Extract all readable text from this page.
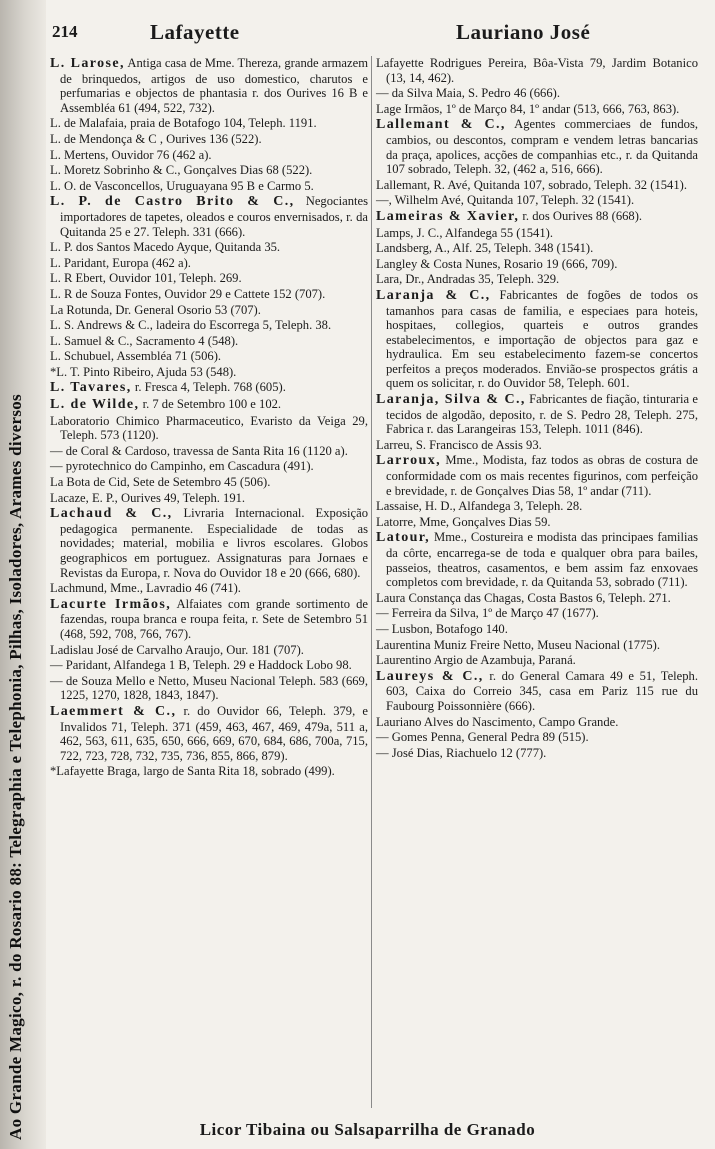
Ao Grande Magico, r. do Rosario 88: Telegraphia e Telephonia, Pilhas, Isoladores, Arames diversos
214	Lafayette	Lauriano José

L. Larose, Antiga casa de Mme. Thereza, grande armazem de brinquedos, artigos de uso domestico, charutos e perfumarias e objectos de phantasia r. dos Ourives 16 B e Assembléa 61 (494, 522, 732).

L. de Malafaia, praia de Botafogo 104, Teleph. 1191.

L. de Mendonça & C , Ourives 136 (522).

L. Mertens, Ouvidor 76 (462 a).

L. Moretz Sobrinho & C., Gonçalves Dias 68 (522).

L. O. de Vasconcellos, Uruguayana 95 B e Carmo 5.

L. P. de Castro Brito & C., Negociantes importadores de tapetes, oleados e couros envernisados, r. da Quitanda 25 e 27. Teleph. 331 (666).

L. P. dos Santos Macedo Ayque, Quitanda 35.

L. Paridant, Europa (462 a).

L. R Ebert, Ouvidor 101, Teleph. 269.

L. R de Souza Fontes, Ouvidor 29 e Cattete 152 (707).

La Rotunda, Dr. General Osorio 53 (707).

L. S. Andrews & C., ladeira do Escorrega 5, Teleph. 38.

L. Samuel & C., Sacramento 4 (548).

L. Schubuel, Assembléa 71 (506).

*L. T. Pinto Ribeiro, Ajuda 53 (548).

L. Tavares, r. Fresca 4, Teleph. 768 (605).

L. de Wilde, r. 7 de Setembro 100 e 102.

Laboratorio Chimico Pharmaceutico, Evaristo da Veiga 29, Teleph. 573 (1120).

— de Coral & Cardoso, travessa de Santa Rita 16 (1120 a).

— pyrotechnico do Campinho, em Cascadura (491).

La Bota de Cid, Sete de Setembro 45 (506).

Lacaze, E. P., Ourives 49, Teleph. 191.

Lachaud & C., Livraria Internacional. Exposição pedagogica permanente. Especialidade de todas as novidades; material, mobilia e livros escolares. Globos geographicos em portuguez. Assignaturas para Jornaes e Revistas da Europa, r. Nova do Ouvidor 18 e 20 (666, 680).

Lachmund, Mme., Lavradio 46 (741).

Lacurte Irmãos, Alfaiates com grande sortimento de fazendas, roupa branca e roupa feita, r. Sete de Setembro 51 (468, 592, 708, 766, 767).

Ladislau José de Carvalho Araujo, Our. 181 (707).

— Paridant, Alfandega 1 B, Teleph. 29 e Haddock Lobo 98.

— de Souza Mello e Netto, Museu Nacional Teleph. 583 (669, 1225, 1270, 1828, 1843, 1847).

Laemmert & C., r. do Ouvidor 66, Teleph. 379, e Invalidos 71, Teleph. 371 (459, 463, 467, 469, 479a, 511 a, 462, 563, 611, 635, 650, 666, 669, 670, 684, 686, 700a, 715, 722, 723, 728, 732, 735, 736, 855, 866, 879).

*Lafayette Braga, largo de Santa Rita 18, sobrado (499).

Lafayette Rodrigues Pereira, Bôa-Vista 79, Jardim Botanico (13, 14, 462).

— da Silva Maia, S. Pedro 46 (666).

Lage Irmãos, 1º de Março 84, 1º andar (513, 666, 763, 863).

Lallemant & C., Agentes commerciaes de fundos, cambios, ou descontos, compram e vendem letras bancarias da praça, apolices, acções de companhias etc., r. da Quitanda 107 sobrado, Teleph. 32, (462 a, 516, 666).

Lallemant, R. Avé, Quitanda 107, sobrado, Teleph. 32 (1541).

—, Wilhelm Avé, Quitanda 107, Teleph. 32 (1541).

Lameiras & Xavier, r. dos Ourives 88 (668).

Lamps, J. C., Alfandega 55 (1541).

Landsberg, A., Alf. 25, Teleph. 348 (1541).

Langley & Costa Nunes, Rosario 19 (666, 709).

Lara, Dr., Andradas 35, Teleph. 329.

Laranja & C., Fabricantes de fogões de todos os tamanhos para casas de familia, e especiaes para hoteis, hospitaes, collegios, quarteis e outros grandes estabelecimentos, e importação de objectos para gaz e hydraulica. Em seu estabelecimento fazem-se concertos perfeitos a preços moderados. Envião-se prospectos grátis a quem os solicitar, r. do Ouvidor 58, Teleph. 601.

Laranja, Silva & C., Fabricantes de fiação, tinturaria e tecidos de algodão, deposito, r. de S. Pedro 28, Teleph. 275, Fabrica r. das Larangeiras 153, Teleph. 1011 (846).

Larreu, S. Francisco de Assis 93.

Larroux, Mme., Modista, faz todos as obras de costura de conformidade com os mais recentes figurinos, com perfeição e brevidade, r. de Gonçalves Dias 58, 1º andar (711).

Lassaise, H. D., Alfandega 3, Teleph. 28.

Latorre, Mme, Gonçalves Dias 59.

Latour, Mme., Costureira e modista das principaes familias da côrte, encarrega-se de toda e qualquer obra para bailes, passeios, theatros, casamentos, e bem assim faz enxovaes completos com brevidade, r. da Quitanda 53, sobrado (711).

Laura Constança das Chagas, Costa Bastos 6, Teleph. 271.

— Ferreira da Silva, 1º de Março 47 (1677).

— Lusbon, Botafogo 140.

Laurentina Muniz Freire Netto, Museu Nacional (1775).

Laurentino Argio de Azambuja, Paraná.

Laureys & C., r. do General Camara 49 e 51, Teleph. 603, Caixa do Correio 345, casa em Pariz 115 rue du Faubourg Poissonnière (666).

Lauriano Alves do Nascimento, Campo Grande.

— Gomes Penna, General Pedra 89 (515).

— José Dias, Riachuelo 12 (777).

Licor Tibaina ou Salsaparrilha de Granado
